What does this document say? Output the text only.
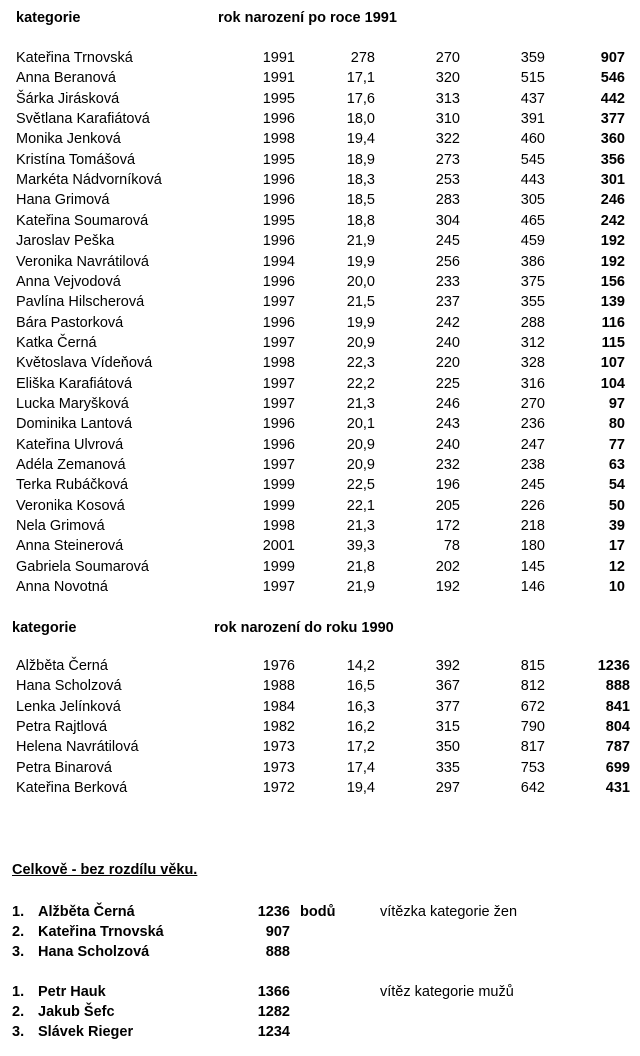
kategorie	rok narození po roce 1991
Kateřina Trnovská	1991	278	270	359	907
Anna Beranová	1991	17,1	320	515	546
Šárka Jirásková	1995	17,6	313	437	442
Světlana Karafiátová	1996	18,0	310	391	377
Monika Jenková	1998	19,4	322	460	360
Kristína Tomášová	1995	18,9	273	545	356
Markéta Nádvorníková	1996	18,3	253	443	301
Hana Grimová	1996	18,5	283	305	246
Kateřina Soumarová	1995	18,8	304	465	242
Jaroslav Peška	1996	21,9	245	459	192
Veronika Navrátilová	1994	19,9	256	386	192
Anna Vejvodová	1996	20,0	233	375	156
Pavlína Hilscherová	1997	21,5	237	355	139
Bára Pastorková	1996	19,9	242	288	116
Katka Černá	1997	20,9	240	312	115
Květoslava Vídeňová	1998	22,3	220	328	107
Eliška Karafiátová	1997	22,2	225	316	104
Lucka Maryšková	1997	21,3	246	270	97
Dominika Lantová	1996	20,1	243	236	80
Kateřina Ulvrová	1996	20,9	240	247	77
Adéla Zemanová	1997	20,9	232	238	63
Terka Rubáčková	1999	22,5	196	245	54
Veronika Kosová	1999	22,1	205	226	50
Nela Grimová	1998	21,3	172	218	39
Anna Steinerová	2001	39,3	78	180	17
Gabriela Soumarová	1999	21,8	202	145	12
Anna Novotná	1997	21,9	192	146	10
kategorie	rok narození do roku 1990
Alžběta Černá	1976	14,2	392	815	1236
Hana Scholzová	1988	16,5	367	812	888
Lenka Jelínková	1984	16,3	377	672	841
Petra Rajtlová	1982	16,2	315	790	804
Helena Navrátilová	1973	17,2	350	817	787
Petra Binarová	1973	17,4	335	753	699
Kateřina Berková	1972	19,4	297	642	431
Celkově - bez rozdílu věku.
1. Alžběta Černá	1236 bodů	vítězka kategorie žen
2. Kateřina Trnovská	907
3. Hana Scholzová	888
1. Petr Hauk	1366	vítěz kategorie mužů
2. Jakub Šefc	1282
3. Slávek Rieger	1234
